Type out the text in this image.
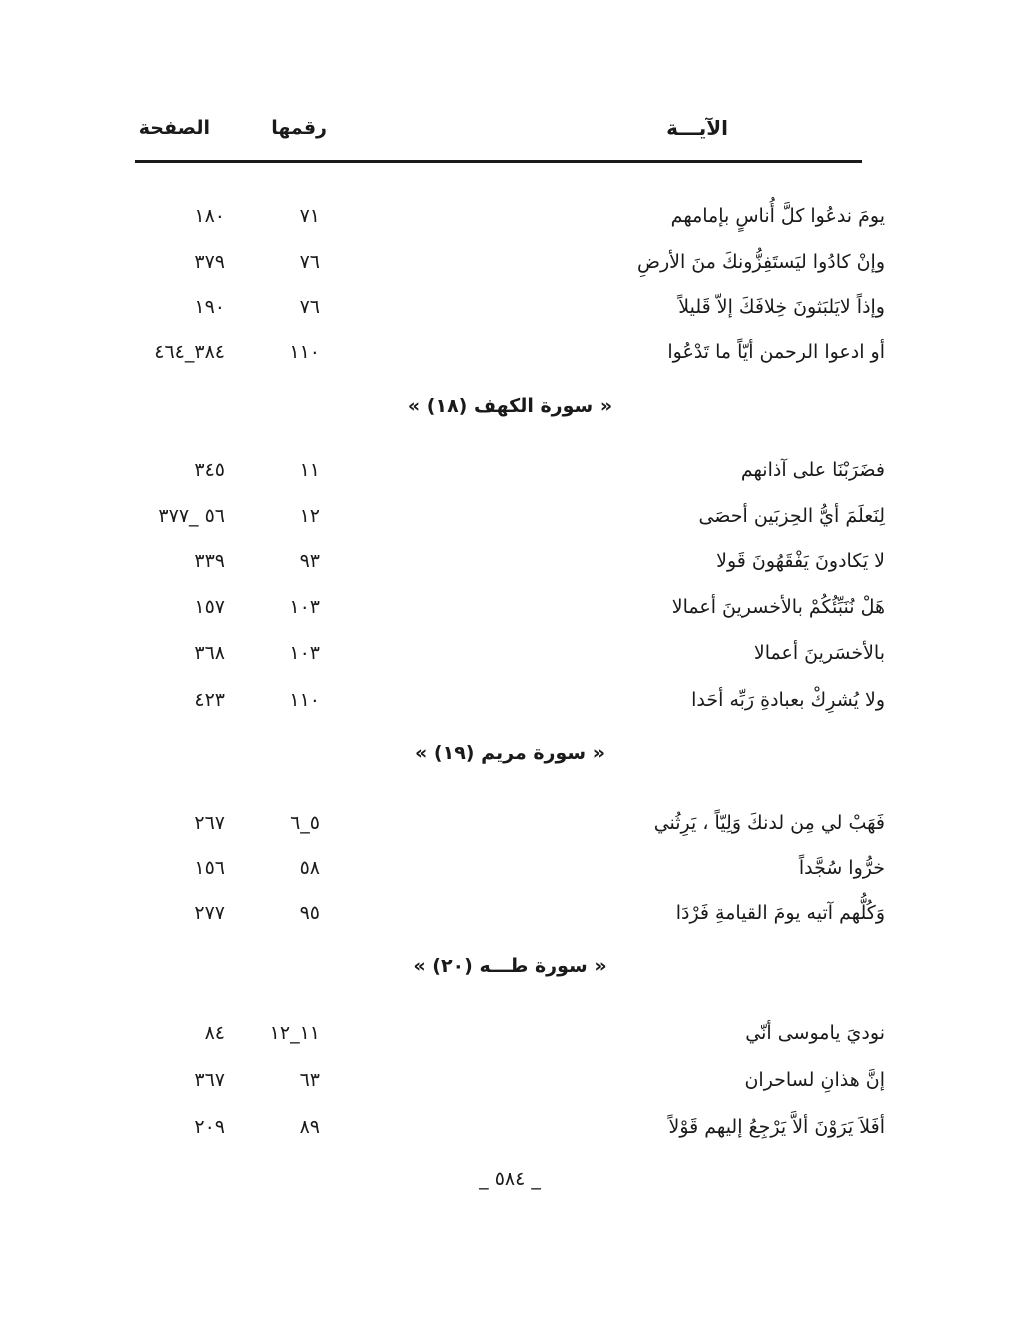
الآيـــة
رقمها
الصفحة
يومَ ندعُوا كلَّ أُناسٍ بإمامهم
٧١
١٨٠
وإنْ كادُوا ليَستَفِزُّونكَ منَ الأرضِ
٧٦
٣٧٩
وإذاً لايَلبَثونَ خِلافَكَ إلاّ قَليلاً
٧٦
١٩٠
أو ادعوا الرحمن أيّاً ما تَدْعُوا
١١٠
٣٨٤_٤٦٤
« سورة الكهف (١٨) »
فضَرَبْنَا على آذانهم
١١
٣٤٥
لِنَعلَمَ أيُّ الحِزبَين أحصَى
١٢
٥٦ _٣٧٧
لا يَكادونَ يَفْقَهُونَ قَولا
٩٣
٣٣٩
هَلْ نُنَبِّئُكُمْ بالأخسرينَ أعمالا
١٠٣
١٥٧
بالأخسَرينَ أعمالا
١٠٣
٣٦٨
ولا يُشرِكْ بعبادةِ رَبِّه أحَدا
١١٠
٤٢٣
« سورة مريم (١٩) »
فَهَبْ لي مِن لدنكَ وَلِيّاً ، يَرِثُني
٥_٦
٢٦٧
خرُّوا سُجَّداً
٥٨
١٥٦
وَكُلُّهم آتيه يومَ القيامةِ فَرْدَا
٩٥
٢٧٧
« سورة طـــه (٢٠) »
نوديَ ياموسى أنّي
١١_١٢
٨٤
إنَّ هذانِ لساحران
٦٣
٣٦٧
أفَلاَ يَرَوْنَ ألاَّ يَرْجِعُ إليهم قَوْلاً
٨٩
٢٠٩
_ ٥٨٤ _
